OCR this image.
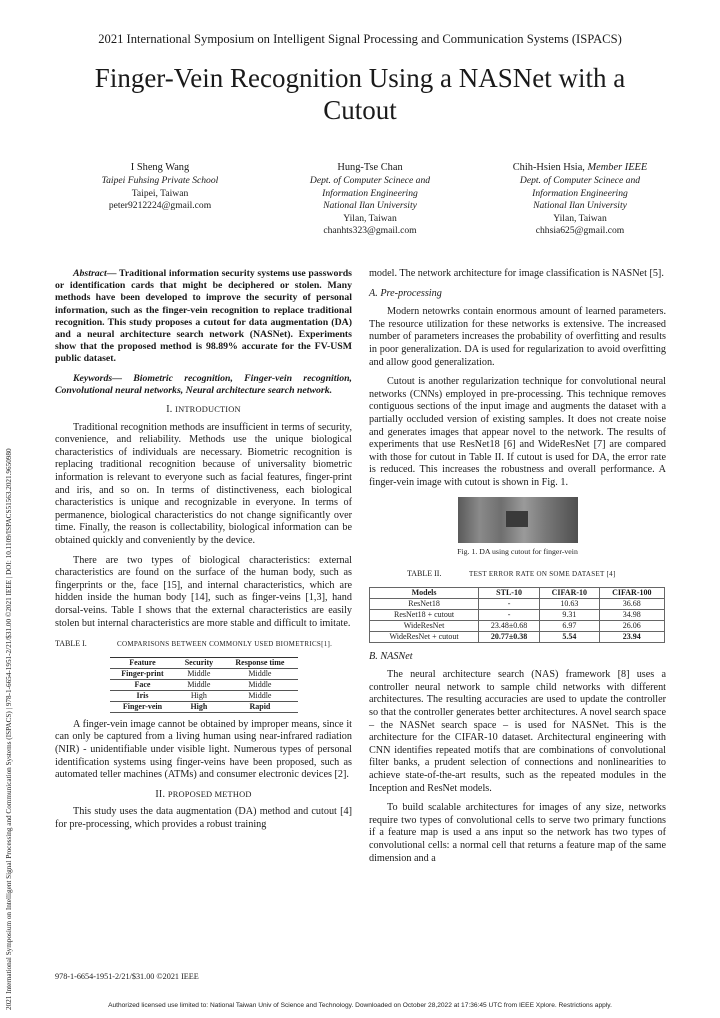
2021 International Symposium on Intelligent Signal Processing and Communication Systems (ISPACS)
Finger-Vein Recognition Using a NASNet with a Cutout
2021 International Symposium on Intelligent Signal Processing and Communication Systems (ISPACS) | 978-1-6654-1951-2/21/$31.00 ©2021 IEEE | DOI: 10.1109/ISPACS51563.2021.9650980
I Sheng Wang
Taipei Fuhsing Private School
Taipei, Taiwan
peter9212224@gmail.com
Hung-Tse Chan
Dept. of Computer Scinece and
Information Engineering
National Ilan University
Yilan, Taiwan
chanhts323@gmail.com
Chih-Hsien Hsia, Member IEEE
Dept. of Computer Scinece and
Information Engineering
National Ilan University
Yilan, Taiwan
chhsia625@gmail.com

Abstract— Traditional information security systems use passwords or identification cards that might be deciphered or stolen. Many methods have been developed to improve the security of personal information, such as the finger-vein recognition to replace traditional recognition. This study proposes a cutout for data augmentation (DA) and a neural architecture search network (NASNet). Experiments show that the proposed method is 98.89% accurate for the FV-USM public dataset.

Keywords— Biometric recognition, Finger-vein recognition, Convolutional neural networks, Neural architecture search network.

I. INTRODUCTION

Traditional recognition methods are insufficient in terms of security, convenience, and reliability. Methods use the unique biological characteristics of individuals are necessary. Biometric recognition is replacing traditional recognition because of universality biometric information is relevant to everyone such as facial features, finger-print and iris, and so on. In terms of distinctiveness, each biological characteristics is unique and recognizable in everyone. In terms of permanence, biological characteristics do not change significantly over time. Finally, the reason is collectability, biological information can be obtained quickly and conveniently by the device.

There are two types of biological characteristics: external characteristics are found on the surface of the human body, such as fingerprints or the, face [15], and internal characteristics, which are hidden inside the human body [14], such as finger-veins [1,3], hand dorsal-veins. Table I shows that the external characteristics are easily stolen but internal characteristics are more stable and difficult to imitate.

TABLE I.	COMPARISONS BETWEEN COMMONLY USED BIOMETRICS[1].
Feature	Security	Response time
Finger-print	Middle	Middle
Face	Middle	Middle
Iris	High	Middle
Finger-vein	High	Rapid

A finger-vein image cannot be obtained by improper means, since it can only be captured from a living human using near-infrared radiation (NIR) - unidentifiable under visible light. Numerous types of personal identification systems using finger-veins have been proposed, such as automated teller machines (ATMs) and consumer electronic devices [2].

II. PROPOSED METHOD

This study uses the data augmentation (DA) method and cutout [4] for pre-processing, which provides a robust training

978-1-6654-1951-2/21/$31.00 ©2021 IEEE

model. The network architecture for image classification is NASNet [5].

A. Pre-processing

Modern netowrks contain enormous amount of learned parameters. The resource utilization for these networks is extensive. The increased number of parameters increases the probability of overfitting and results in poor generalization. DA is used for regularization to avoid overfitting and allow good generalization.

Cutout is another regularization technique for convolutional neural networks (CNNs) employed in pre-processing. This technique removes contiguous sections of the input image and augments the dataset with a partially occluded version of existing samples. It does not create noise and generates images that appear novel to the network. The results of experiments that use ResNet18 [6] and WideResNet [7] are compared with those for cutout in Table II. If cutout is used for DA, the error rate is reduced. This increases the robustness and overall performance. A finger-vein image with cutout is shown in Fig. 1.

Fig. 1. DA using cutout for finger-vein
TABLE II.	TEST ERROR RATE ON SOME DATASET [4]
Models	STL-10	CIFAR-10	CIFAR-100
ResNet18	-	10.63	36.68
ResNet18 + cutout	-	9.31	34.98
WideResNet	23.48±0.68	6.97	26.06
WideResNet + cutout	20.77±0.38	5.54	23.94
B. NASNet

The neural architecture search (NAS) framework [8] uses a controller neural network to sample child networks with different architectures. The resulting accuracies are used to update the controller so that the controller generates better architectures. A novel search space – the NASNet search space – is used for NASNet. This is the architecture for the CIFAR-10 dataset. Architectural engineering with CNN identifies repeated motifs that are combinations of convolutional filter banks, a prudent selection of connections and nonlinearities to achieve state-of-the-art results, such as the repeated modules in the Inception and ResNet models.

To build scalable architectures for images of any size, networks require two types of convolutional cells to serve two primary functions if a feature map is used a ans input so the network has two types of convolutional cells: a normal cell that returns a feature map of the same dimension and a

Authorized licensed use limited to: National Taiwan Univ of Science and Technology. Downloaded on October 28,2022 at 17:36:45 UTC from IEEE Xplore. Restrictions apply.
